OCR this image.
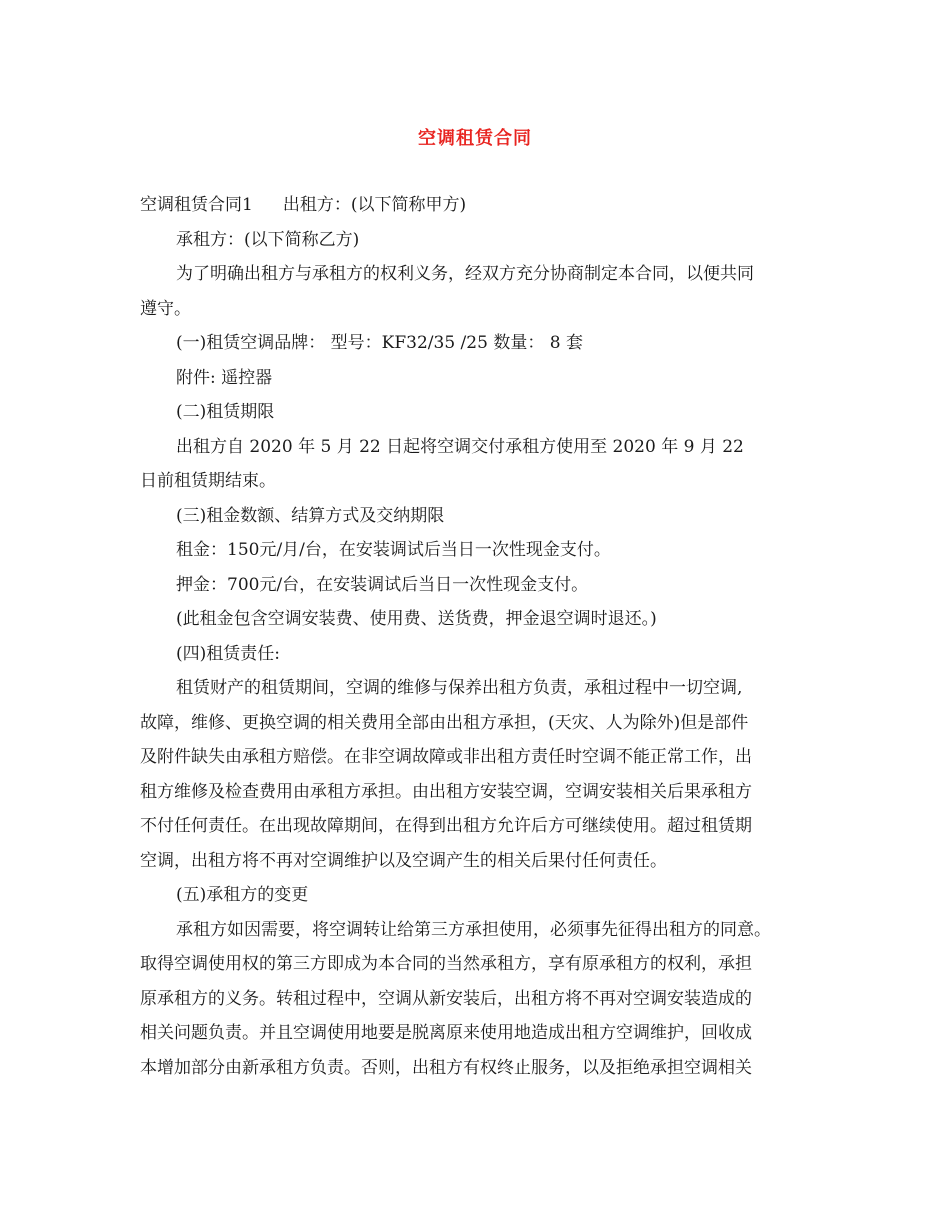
空调租赁合同
空调租赁合同1 出租方：(以下简称甲方)
承租方：(以下简称乙方)
为了明确出租方与承租方的权利义务，经双方充分协商制定本合同，以便共同
遵守。
(一)租赁空调品牌： 型号：KF32/35 /25 数量： 8 套
附件: 遥控器
(二)租赁期限
出租方自 2020 年 5 月 22 日起将空调交付承租方使用至 2020 年 9 月 22
日前租赁期结束。
(三)租金数额、结算方式及交纳期限
租金：150元/月/台，在安装调试后当日一次性现金支付。
押金：700元/台，在安装调试后当日一次性现金支付。
(此租金包含空调安装费、使用费、送货费，押金退空调时退还。)
(四)租赁责任:
租赁财产的租赁期间，空调的维修与保养出租方负责，承租过程中一切空调,
故障，维修、更换空调的相关费用全部由出租方承担，(天灾、人为除外)但是部件
及附件缺失由承租方赔偿。在非空调故障或非出租方责任时空调不能正常工作，出
租方维修及检查费用由承租方承担。由出租方安装空调，空调安装相关后果承租方
不付任何责任。在出现故障期间，在得到出租方允许后方可继续使用。超过租赁期
空调，出租方将不再对空调维护以及空调产生的相关后果付任何责任。
(五)承租方的变更
承租方如因需要，将空调转让给第三方承担使用，必须事先征得出租方的同意。
取得空调使用权的第三方即成为本合同的当然承租方，享有原承租方的权利，承担
原承租方的义务。转租过程中，空调从新安装后，出租方将不再对空调安装造成的
相关问题负责。并且空调使用地要是脱离原来使用地造成出租方空调维护，回收成
本增加部分由新承租方负责。否则，出租方有权终止服务，以及拒绝承担空调相关
